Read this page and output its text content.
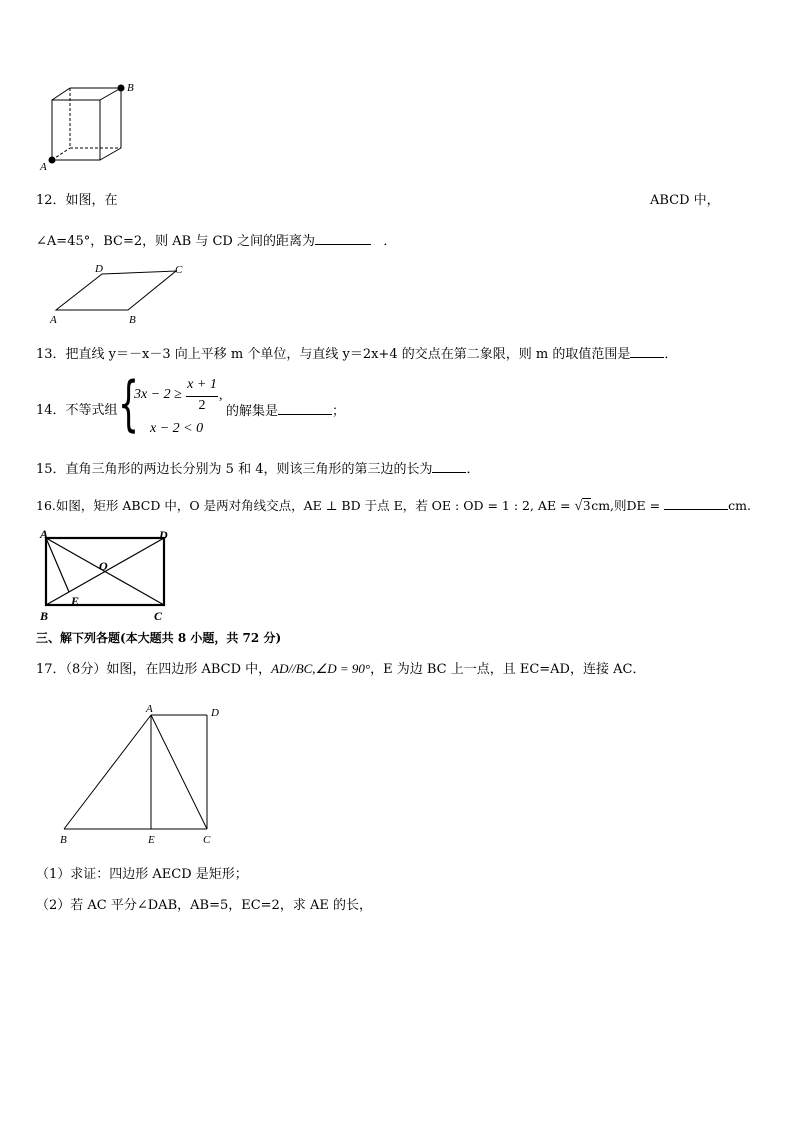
B
A
12．如图，在	ABCD 中，
∠A=45°，BC=2，则 AB 与 CD 之间的距离为	．
D	C
A	B
13．把直线 y＝－x－3 向上平移 m 个单位，与直线 y＝2x+4 的交点在第二象限，则 m 的取值范围是	．
14．不等式组 {
3x − 2 ≥
x + 1
2
,
x − 2 < 0
的解集是	；
15．直角三角形的两边长分别为 5 和 4，则该三角形的第三边的长为	．
16.如图，矩形 ABCD 中，O 是两对角线交点，AE ⊥ BD 于点 E，若 OE : OD = 1 : 2, AE = √3cm,则DE =	cm.
A	D
O
E
B	C
三、解下列各题(本大题共 8 小题，共 72 分)
17．（8分）如图，在四边形 ABCD 中，AD//BC,∠D = 90°，E 为边 BC 上一点，且 EC=AD，连接 AC．
A	D
B	E	C
（1）求证：四边形 AECD 是矩形；
（2）若 AC 平分∠DAB，AB=5，EC=2，求 AE 的长，
